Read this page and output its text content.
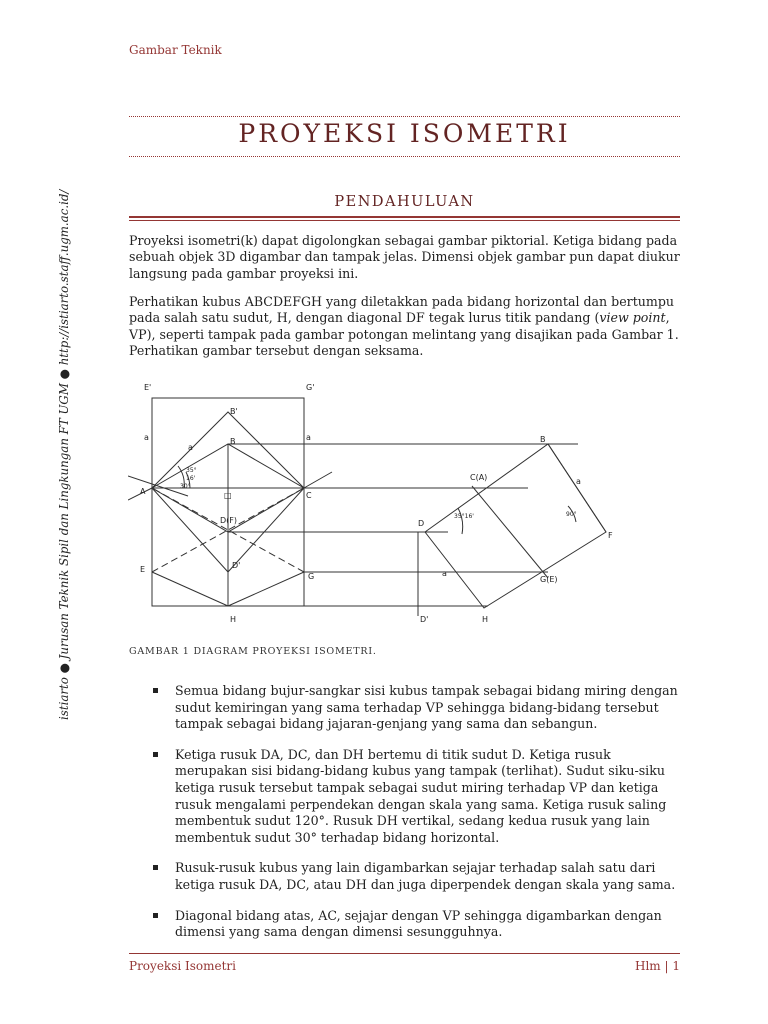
Gambar Teknik
PROYEKSI ISOMETRI
PENDAHULUAN

Proyeksi isometri(k) dapat digolongkan sebagai gambar piktorial. Ketiga bidang pada sebuah objek 3D digambar dan tampak jelas. Dimensi objek gambar pun dapat diukur langsung pada gambar proyeksi ini.

Perhatikan kubus ABCDEFGH yang diletakkan pada bidang horizontal dan bertumpu pada salah satu sudut, H, dengan diagonal DF tegak lurus titik pandang (view point, VP), seperti tampak pada gambar potongan melintang yang disajikan pada Gambar 1. Perhatikan gambar tersebut dengan seksama.

E'	G'
B'
B
A	C
□
D(F)
D'
E
G
H
a
a
a
35°
16'
30°
B
C(A)
D
F
G(E)
D'	H
a
a
35°16'	90°
GAMBAR 1 DIAGRAM PROYEKSI ISOMETRI.
Semua bidang bujur-sangkar sisi kubus tampak sebagai bidang miring dengan sudut kemiringan yang sama terhadap VP sehingga bidang-bidang tersebut tampak sebagai bidang jajaran-genjang yang sama dan sebangun.
Ketiga rusuk DA, DC, dan DH bertemu di titik sudut D. Ketiga rusuk merupakan sisi bidang-bidang kubus yang tampak (terlihat). Sudut siku-siku ketiga rusuk tersebut tampak sebagai sudut miring terhadap VP dan ketiga rusuk mengalami perpendekan dengan skala yang sama. Ketiga rusuk saling membentuk sudut 120°. Rusuk DH vertikal, sedang kedua rusuk yang lain membentuk sudut 30° terhadap bidang horizontal.
Rusuk-rusuk kubus yang lain digambarkan sejajar terhadap salah satu dari ketiga rusuk DA, DC, atau DH dan juga diperpendek dengan skala yang sama.
Diagonal bidang atas, AC, sejajar dengan VP sehingga digambarkan dengan dimensi yang sama dengan dimensi sesungguhnya.
Proyeksi Isometri	Hlm | 1
istiarto ● Jurusan Teknik Sipil dan Lingkungan FT UGM ● http://istiarto.staff.ugm.ac.id/
